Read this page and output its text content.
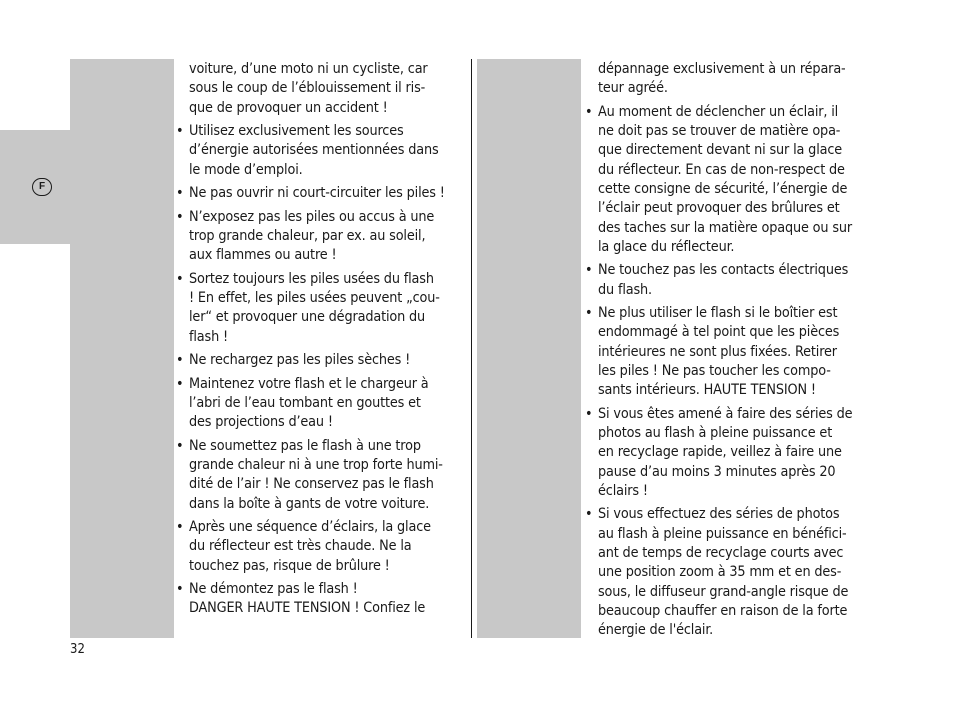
F
voiture, d’une moto ni un cycliste, car
sous le coup de l’éblouissement il ris-
que de provoquer un accident !
• Utilisez exclusivement les sources
d’énergie autorisées mentionnées dans
le mode d’emploi.
• Ne pas ouvrir ni court-circuiter les piles !
• N’exposez pas les piles ou accus à une
trop grande chaleur, par ex. au soleil,
aux flammes ou autre !
• Sortez toujours les piles usées du flash
! En effet, les piles usées peuvent „cou-
ler“ et provoquer une dégradation du
flash !
• Ne rechargez pas les piles sèches !
• Maintenez votre flash et le chargeur à
l’abri de l’eau tombant en gouttes et
des projections d’eau !
• Ne soumettez pas le flash à une trop
grande chaleur ni à une trop forte humi-
dité de l’air ! Ne conservez pas le flash
dans la boîte à gants de votre voiture.
• Après une séquence d’éclairs, la glace
du réflecteur est très chaude. Ne la
touchez pas, risque de brûlure !
• Ne démontez pas le flash !
DANGER HAUTE TENSION ! Confiez le
dépannage exclusivement à un répara-
teur agréé.
• Au moment de déclencher un éclair, il
ne doit pas se trouver de matière opa-
que directement devant ni sur la glace
du réflecteur. En cas de non-respect de
cette consigne de sécurité, l’énergie de
l’éclair peut provoquer des brûlures et
des taches sur la matière opaque ou sur
la glace du réflecteur.
• Ne touchez pas les contacts électriques
du flash.
• Ne plus utiliser le flash si le boîtier est
endommagé à tel point que les pièces
intérieures ne sont plus fixées. Retirer
les piles ! Ne pas toucher les compo-
sants intérieurs. HAUTE TENSION !
• Si vous êtes amené à faire des séries de
photos au flash à pleine puissance et
en recyclage rapide, veillez à faire une
pause d’au moins 3 minutes après 20
éclairs !
• Si vous effectuez des séries de photos
au flash à pleine puissance en bénéfici-
ant de temps de recyclage courts avec
une position zoom à 35 mm et en des-
sous, le diffuseur grand-angle risque de
beaucoup chauffer en raison de la forte
énergie de l'éclair.
32
